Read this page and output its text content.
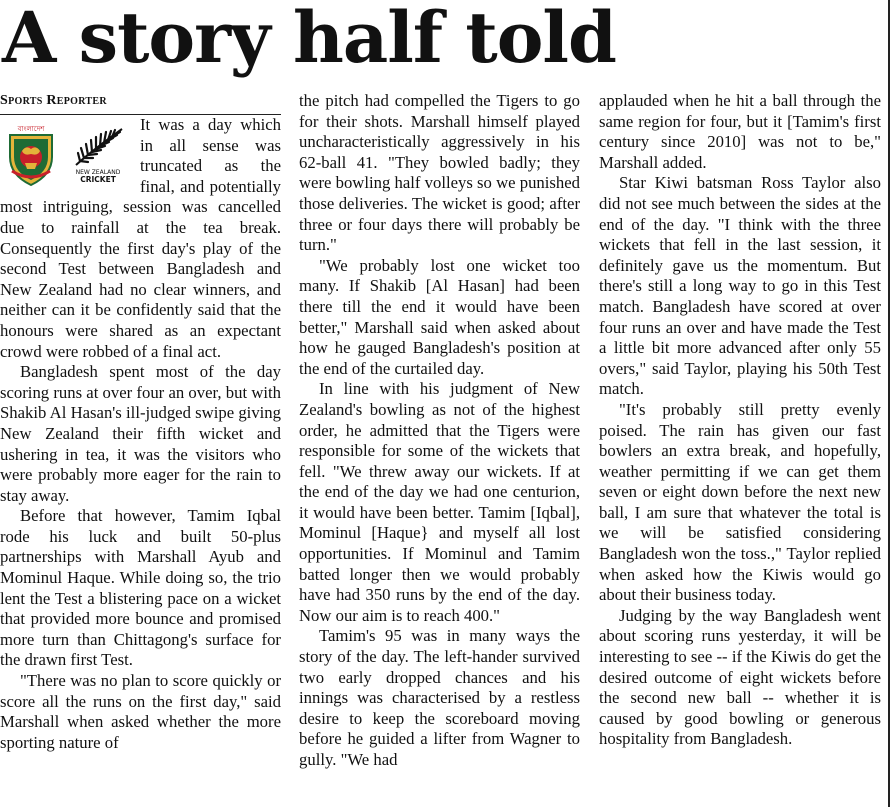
A story half told
Sports Reporter
বাংলাদেশ
NEW ZEALAND
CRICKET

It was a day which in all sense was truncated as the final, and potentially most intriguing, session was cancelled due to rainfall at the tea break. Consequently the first day's play of the second Test between Bangladesh and New Zealand had no clear winners, and neither can it be confidently said that the honours were shared as an expectant crowd were robbed of a final act.

Bangladesh spent most of the day scoring runs at over four an over, but with Shakib Al Hasan's ill-judged swipe giving New Zealand their fifth wicket and ushering in tea, it was the visitors who were probably more eager for the rain to stay away.

Before that however, Tamim Iqbal rode his luck and built 50-plus partnerships with Marshall Ayub and Mominul Haque. While doing so, the trio lent the Test a blistering pace on a wicket that provided more bounce and promised more turn than Chittagong's surface for the drawn first Test.

"There was no plan to score quickly or score all the runs on the first day," said Marshall when asked whether the more sporting nature of

the pitch had compelled the Tigers to go for their shots. Marshall himself played uncharacteristically aggressively in his 62-ball 41. "They bowled badly; they were bowling half volleys so we punished those deliveries. The wicket is good; after three or four days there will probably be turn."

"We probably lost one wicket too many. If Shakib [Al Hasan] had been there till the end it would have been better," Marshall said when asked about how he gauged Bangladesh's position at the end of the curtailed day.

In line with his judgment of New Zealand's bowling as not of the highest order, he admitted that the Tigers were responsible for some of the wickets that fell. "We threw away our wickets. If at the end of the day we had one centurion, it would have been better. Tamim [Iqbal], Mominul [Haque} and myself all lost opportunities. If Mominul and Tamim batted longer then we would probably have had 350 runs by the end of the day. Now our aim is to reach 400."

Tamim's 95 was in many ways the story of the day. The left-hander survived two early dropped chances and his innings was characterised by a restless desire to keep the scoreboard moving before he guided a lifter from Wagner to gully. "We had

applauded when he hit a ball through the same region for four, but it [Tamim's first century since 2010] was not to be," Marshall added.

Star Kiwi batsman Ross Taylor also did not see much between the sides at the end of the day. "I think with the three wickets that fell in the last session, it definitely gave us the momentum. But there's still a long way to go in this Test match. Bangladesh have scored at over four runs an over and have made the Test a little bit more advanced after only 55 overs," said Taylor, playing his 50th Test match.

"It's probably still pretty evenly poised. The rain has given our fast bowlers an extra break, and hopefully, weather permitting if we can get them seven or eight down before the next new ball, I am sure that whatever the total is we will be satisfied considering Bangladesh won the toss.," Taylor replied when asked how the Kiwis would go about their business today.

Judging by the way Bangladesh went about scoring runs yesterday, it will be interesting to see -- if the Kiwis do get the desired outcome of eight wickets before the second new ball -- whether it is caused by good bowling or generous hospitality from Bangladesh.
